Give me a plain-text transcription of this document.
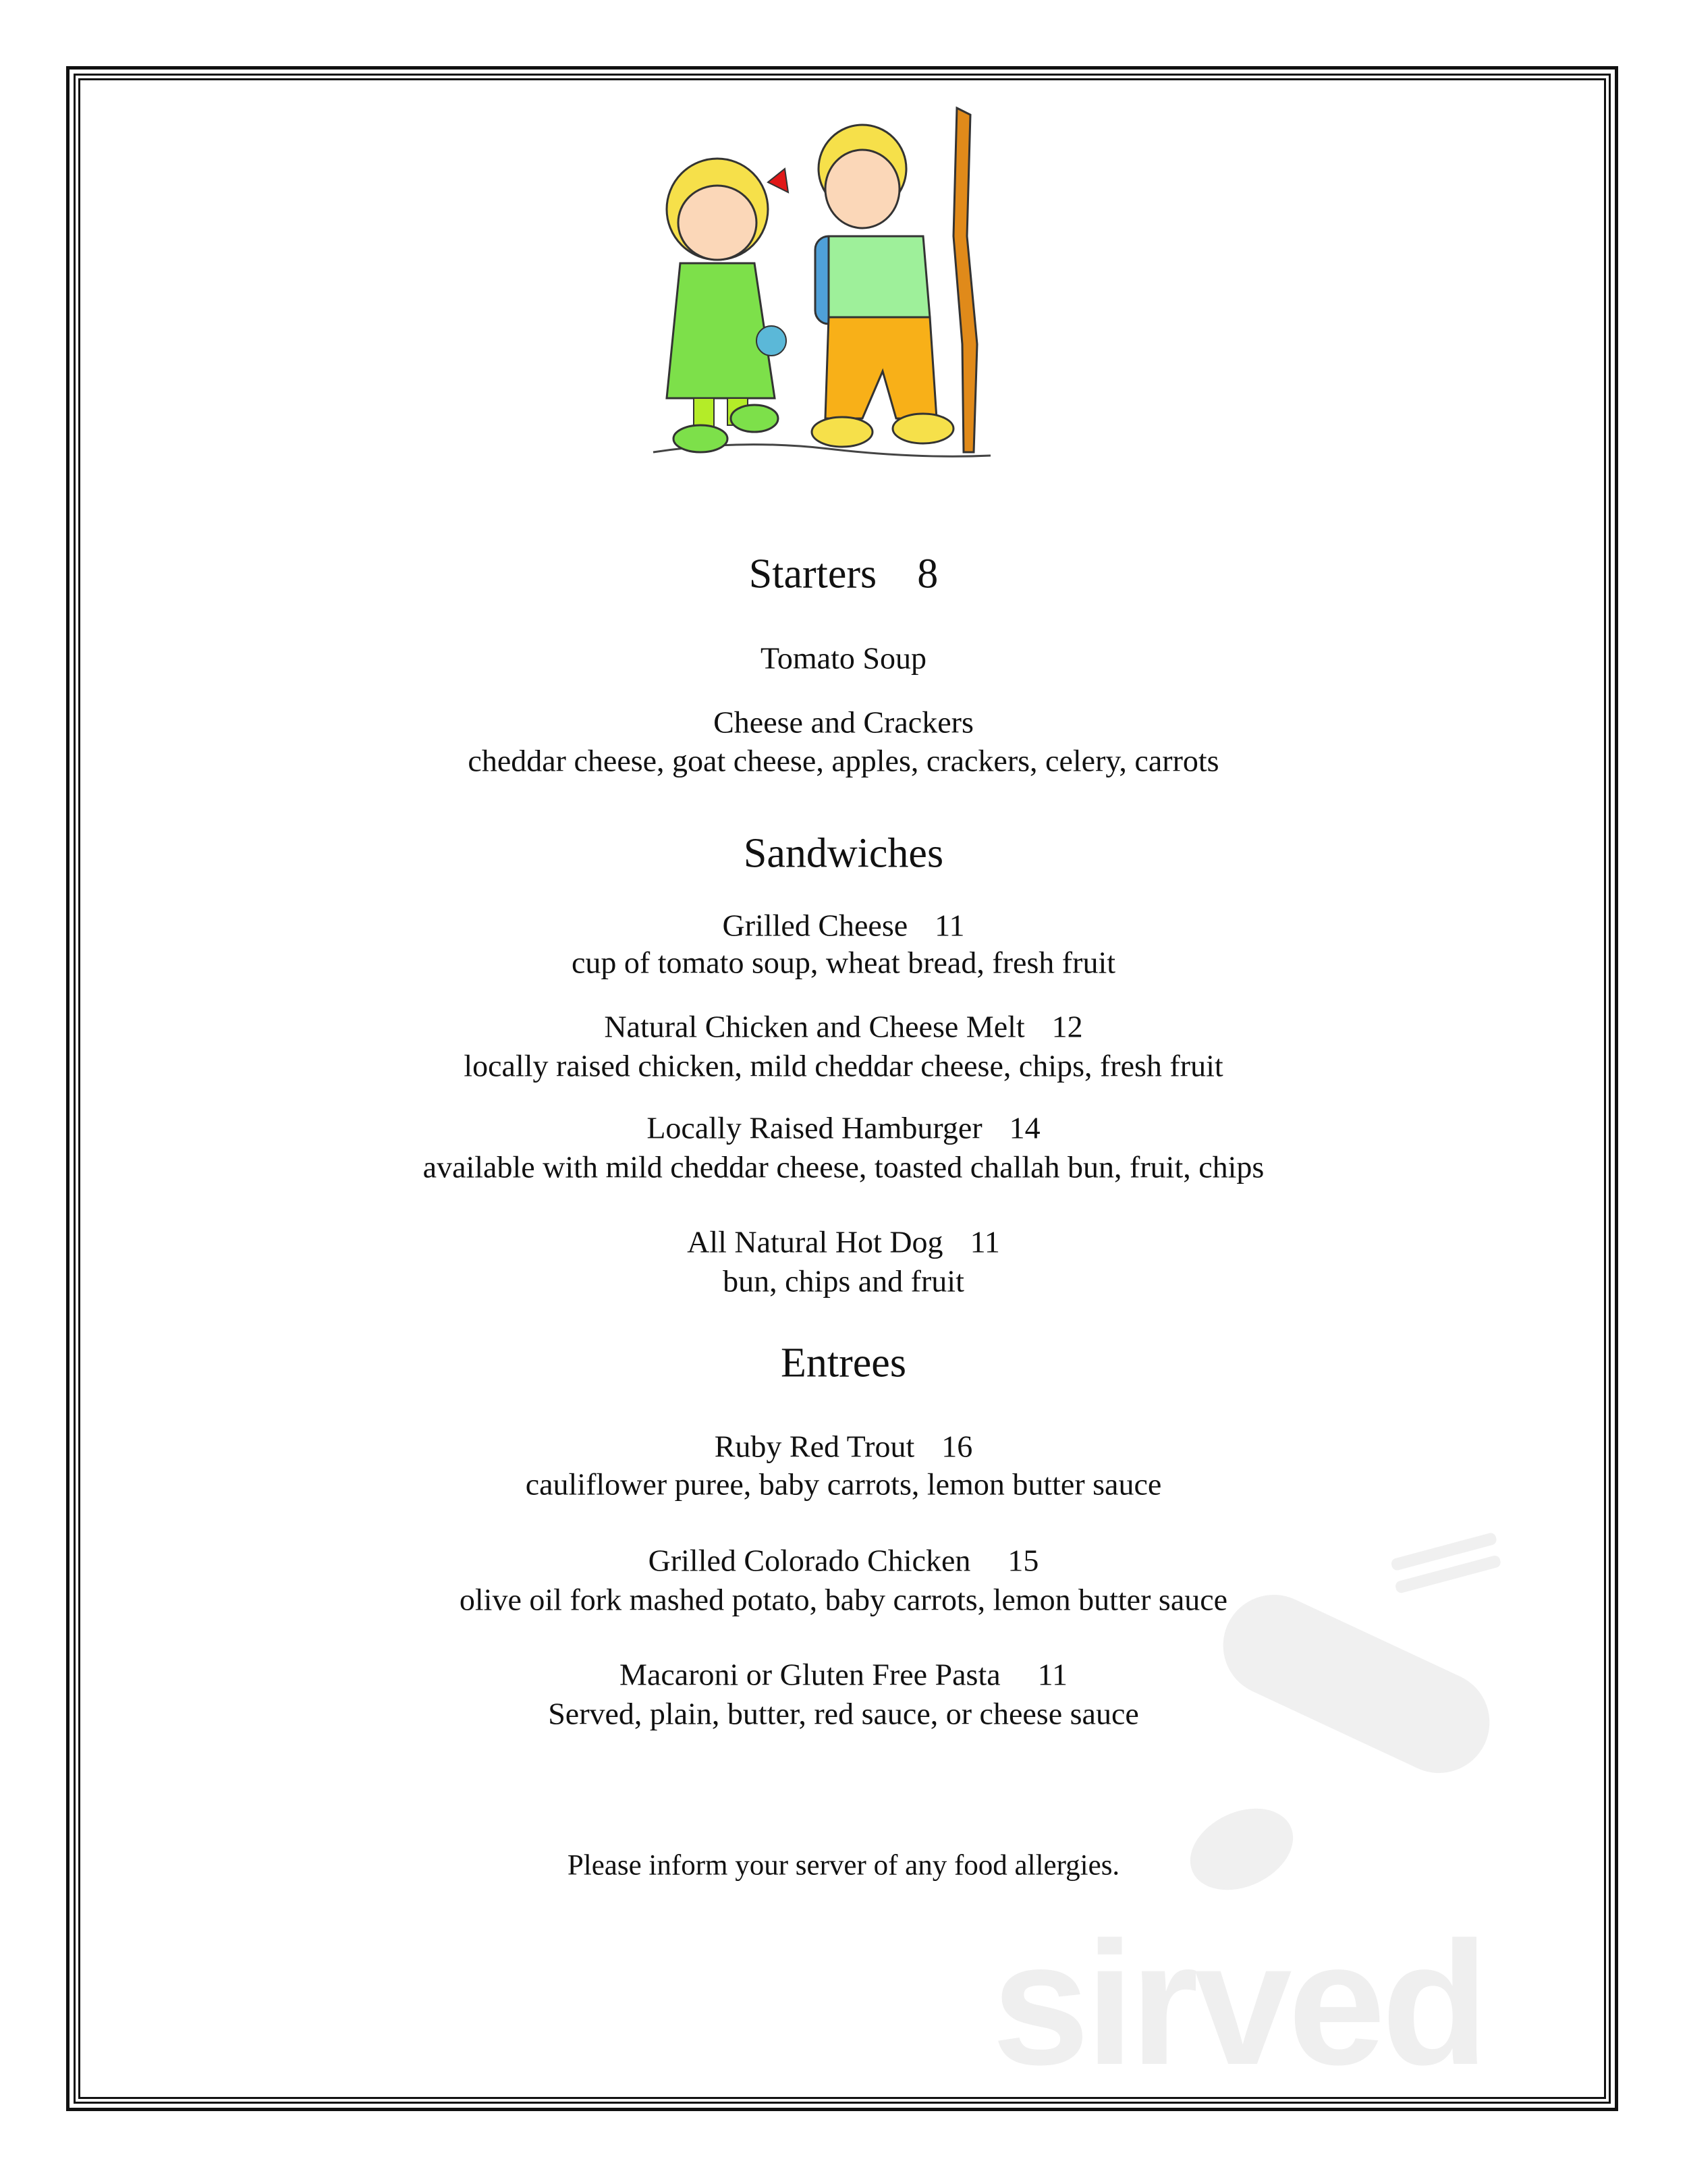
sirved
Starters 8
Tomato Soup
Cheese and Crackers
cheddar cheese, goat cheese, apples, crackers, celery, carrots
Sandwiches
Grilled Cheese 11
cup of tomato soup, wheat bread, fresh fruit
Natural Chicken and Cheese Melt 12
locally raised chicken, mild cheddar cheese, chips, fresh fruit
Locally Raised Hamburger 14
available with mild cheddar cheese, toasted challah bun, fruit, chips
All Natural Hot Dog 11
bun, chips and fruit
Entrees
Ruby Red Trout 16
cauliflower puree, baby carrots, lemon butter sauce
Grilled Colorado Chicken 15
olive oil fork mashed potato, baby carrots, lemon butter sauce
Macaroni or Gluten Free Pasta 11
Served, plain, butter, red sauce, or cheese sauce
Please inform your server of any food allergies.
